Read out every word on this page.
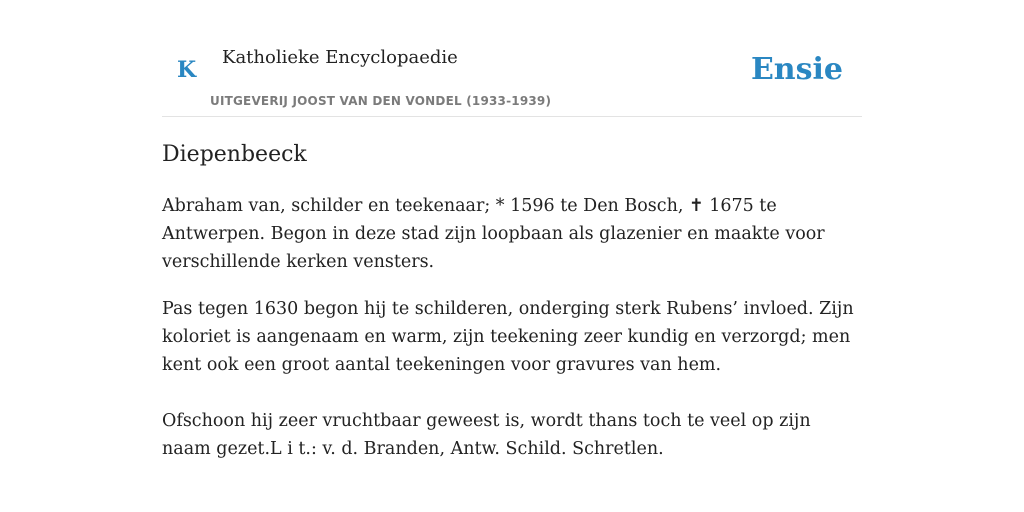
K Katholieke Encyclopaedie
UITGEVERIJ JOOST VAN DEN VONDEL (1933-1939)
Ensie
Diepenbeeck

Abraham van, schilder en teekenaar; * 1596 te Den Bosch, ✝ 1675 te Antwerpen. Begon in deze stad zijn loopbaan als glazenier en maakte voor verschillende kerken vensters.

Pas tegen 1630 begon hij te schilderen, onderging sterk Rubens’ invloed. Zijn koloriet is aangenaam en warm, zijn teekening zeer kundig en verzorgd; men kent ook een groot aantal teekeningen voor gravures van hem.

Ofschoon hij zeer vruchtbaar geweest is, wordt thans toch te veel op zijn naam gezet.L i t.: v. d. Branden, Antw. Schild. Schretlen.
